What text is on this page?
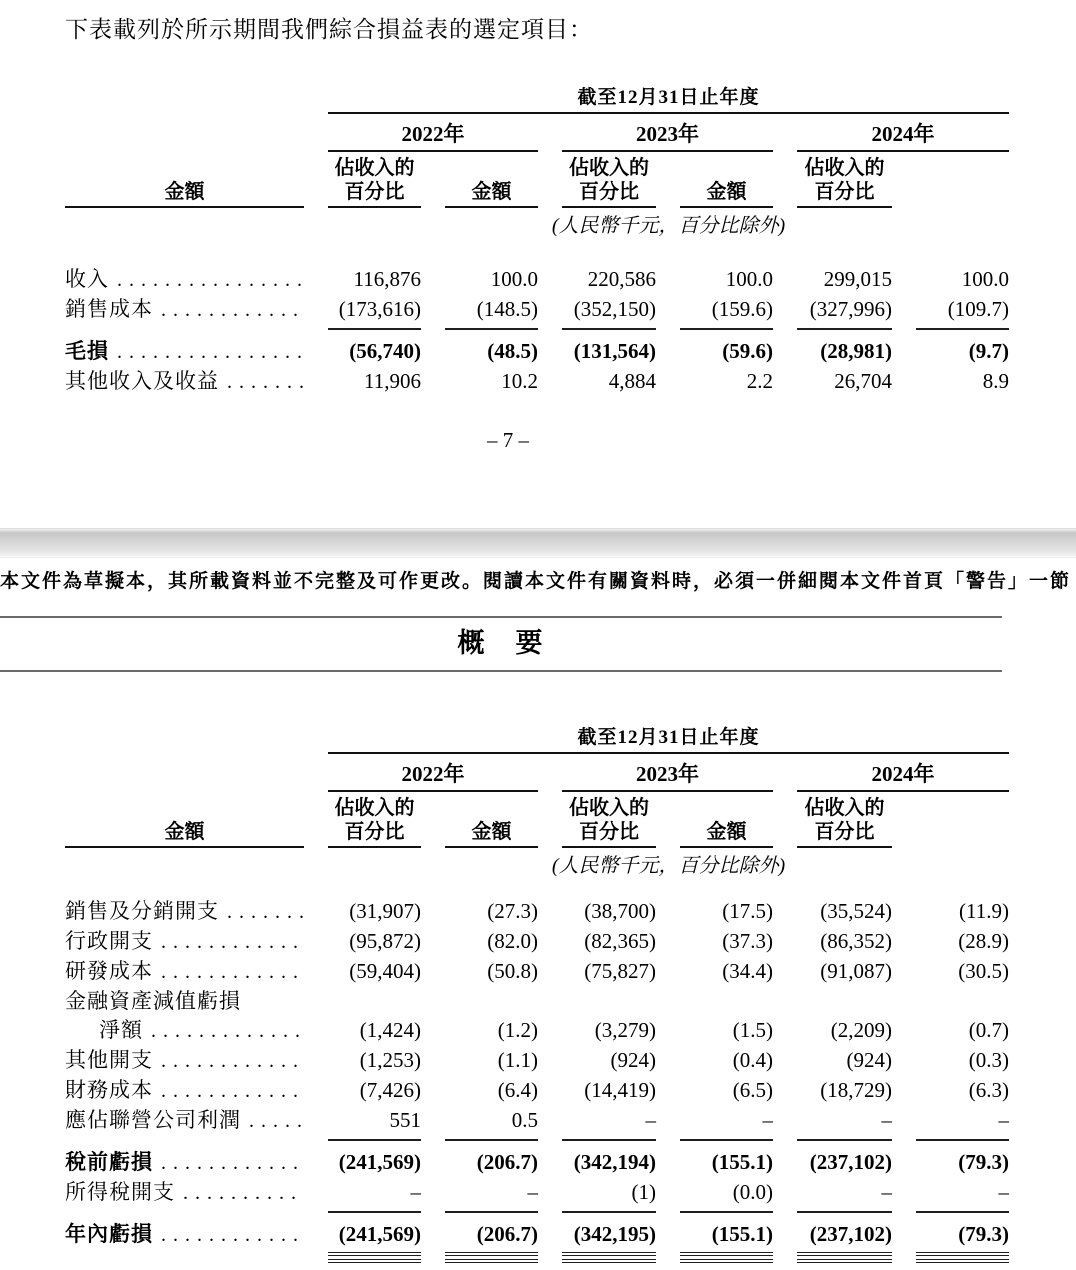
下表載列於所示期間我們綜合損益表的選定項目：

截至12月31日止年度
2022年	2023年	2024年
金額
佔收入的
百分比	金額
佔收入的
百分比	金額
佔收入的
百分比
(人民幣千元，百分比除外)
收入 .....	116,876	100.0	220,586	100.0	299,015	100.0
銷售成本 .....	(173,616)	(148.5)	(352,150)	(159.6)	(327,996)	(109.7)
毛損 .....	(56,740)	(48.5)	(131,564)	(59.6)	(28,981)	(9.7)
其他收入及收益 .....	11,906	10.2	4,884	2.2	26,704	8.9
– 7 –

本文件為草擬本，其所載資料並不完整及可作更改。閱讀本文件有關資料時，必須一併細閱本文件首頁「警告」一節

概　要
截至12月31日止年度
2022年	2023年	2024年
金額
佔收入的
百分比	金額
佔收入的
百分比	金額
佔收入的
百分比
(人民幣千元，百分比除外)
銷售及分銷開支 .....	(31,907)	(27.3)	(38,700)	(17.5)	(35,524)	(11.9)
行政開支 .....	(95,872)	(82.0)	(82,365)	(37.3)	(86,352)	(28.9)
研發成本 .....	(59,404)	(50.8)	(75,827)	(34.4)	(91,087)	(30.5)
金融資產減值虧損
淨額 .....	(1,424)	(1.2)	(3,279)	(1.5)	(2,209)	(0.7)
其他開支 .....	(1,253)	(1.1)	(924)	(0.4)	(924)	(0.3)
財務成本 .....	(7,426)	(6.4)	(14,419)	(6.5)	(18,729)	(6.3)
應佔聯營公司利潤 .....	551	0.5	–	–	–	–
稅前虧損 .....	(241,569)	(206.7)	(342,194)	(155.1)	(237,102)	(79.3)
所得稅開支 .....	–	–	(1)	(0.0)	–	–
年內虧損 .....	(241,569)	(206.7)	(342,195)	(155.1)	(237,102)	(79.3)
